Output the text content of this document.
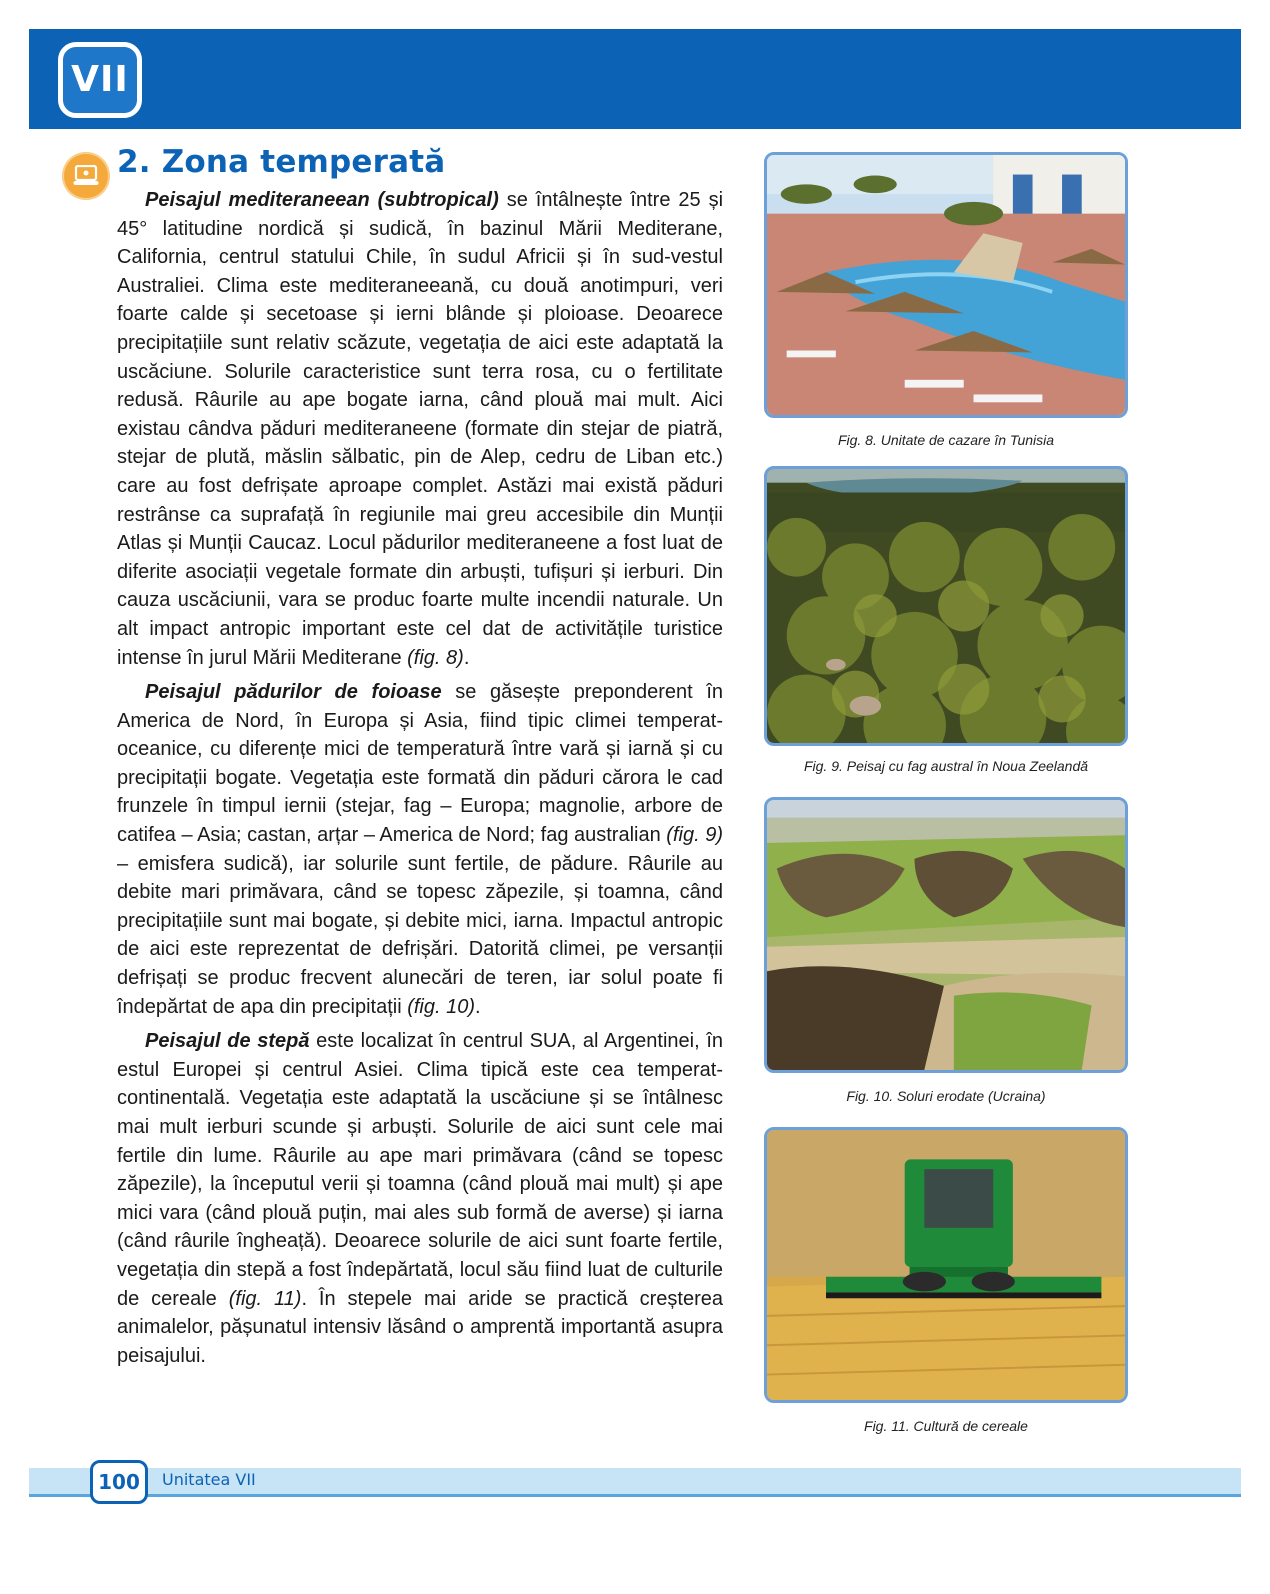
VII
2. Zona temperată

Peisajul mediteraneean (subtropical) se întâlnește între 25 și 45° latitudine nordică și sudică, în bazinul Mării Mediterane, California, centrul statului Chile, în sudul Africii și în sud-vestul Australiei. Clima este mediteraneeană, cu două anotimpuri, veri foarte calde și secetoase și ierni blânde și ploioase. Deoarece precipitațiile sunt relativ scăzute, vegetația de aici este adaptată la uscăciune. Solurile caracteristice sunt terra rosa, cu o fertilitate redusă. Râurile au ape bogate iarna, când plouă mai mult. Aici existau cândva păduri mediteraneene (formate din stejar de piatră, stejar de plută, măslin sălbatic, pin de Alep, cedru de Liban etc.) care au fost defrișate aproape complet. Astăzi mai există păduri restrânse ca suprafață în regiunile mai greu accesibile din Munții Atlas și Munții Caucaz. Locul pădurilor mediteraneene a fost luat de diferite asociații vegetale formate din arbuști, tufișuri și ierburi. Din cauza uscăciunii, vara se produc foarte multe incendii naturale. Un alt impact antropic important este cel dat de activitățile turistice intense în jurul Mării Mediterane (fig. 8).

Peisajul pădurilor de foioase se găsește preponderent în America de Nord, în Europa și Asia, fiind tipic climei temperat-oceanice, cu diferențe mici de temperatură între vară și iarnă și cu precipitații bogate. Vegetația este formată din păduri cărora le cad frunzele în timpul iernii (stejar, fag – Europa; magnolie, arbore de catifea – Asia; castan, arțar – America de Nord; fag australian (fig. 9) – emisfera sudică), iar solurile sunt fertile, de pădure. Râurile au debite mari primăvara, când se topesc zăpezile, și toamna, când precipitațiile sunt mai bogate, și debite mici, iarna. Impactul antropic de aici este reprezentat de defrișări. Datorită climei, pe versanții defrișați se produc frecvent alunecări de teren, iar solul poate fi îndepărtat de apa din precipitații (fig. 10).

Peisajul de stepă este localizat în centrul SUA, al Argentinei, în estul Europei și centrul Asiei. Clima tipică este cea temperat-continentală. Vegetația este adaptată la uscăciune și se întâlnesc mai mult ierburi scunde și arbuști. Solurile de aici sunt cele mai fertile din lume. Râurile au ape mari primăvara (când se topesc zăpezile), la începutul verii și toamna (când plouă mai mult) și ape mici vara (când plouă puțin, mai ales sub formă de averse) și iarna (când râurile îngheață). Deoarece solurile de aici sunt foarte fertile, vegetația din stepă a fost îndepărtată, locul său fiind luat de culturile de cereale (fig. 11). În stepele mai aride se practică creșterea animalelor, pășunatul intensiv lăsând o amprentă importantă asupra peisajului.

Fig. 8. Unitate de cazare în Tunisia
Fig. 9. Peisaj cu fag austral în Noua Zeelandă
Fig. 10. Soluri erodate (Ucraina)
Fig. 11. Cultură de cereale
100	Unitatea VII
